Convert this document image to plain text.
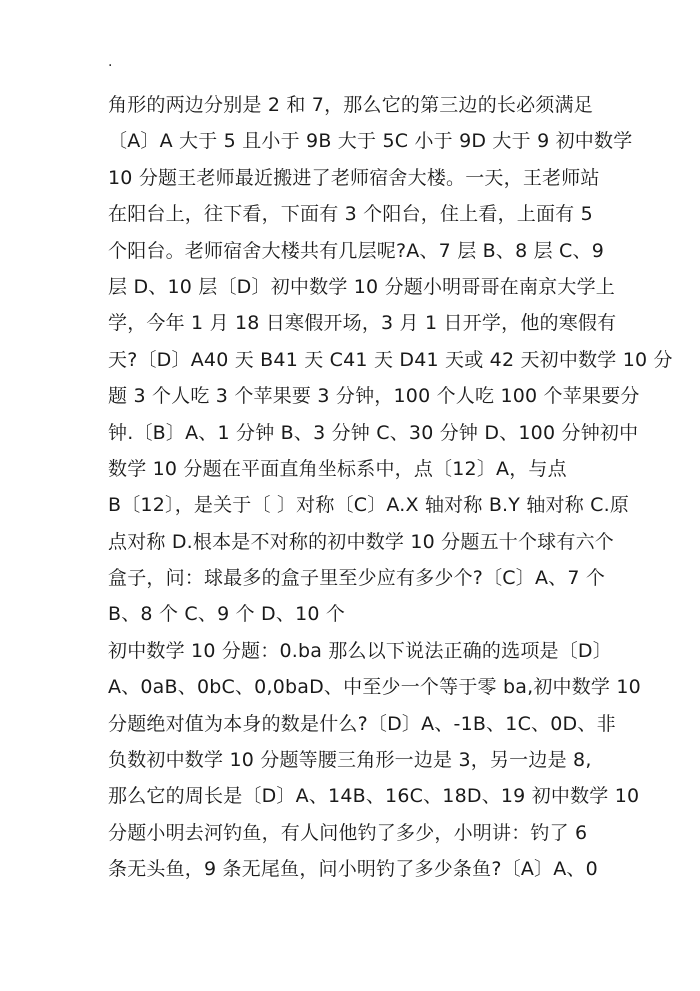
·
角形的两边分别是 2 和 7，那么它的第三边的长必须满足
〔A〕A 大于 5 且小于 9B 大于 5C 小于 9D 大于 9 初中数学
10 分题王老师最近搬进了老师宿舍大楼。一天，王老师站
在阳台上，往下看，下面有 3 个阳台，住上看，上面有 5
个阳台。老师宿舍大楼共有几层呢?A、7 层 B、8 层 C、9
层 D、10 层〔D〕初中数学 10 分题小明哥哥在南京大学上
学，今年 1 月 18 日寒假开场，3 月 1 日开学，他的寒假有
天?〔D〕A40 天 B41 天 C41 天 D41 天或 42 天初中数学 10 分
题 3 个人吃 3 个苹果要 3 分钟，100 个人吃 100 个苹果要分
钟.〔B〕A、1 分钟 B、3 分钟 C、30 分钟 D、100 分钟初中
数学 10 分题在平面直角坐标系中，点〔12〕A，与点
B〔12〕，是关于〔 〕对称〔C〕A.X 轴对称 B.Y 轴对称 C.原
点对称 D.根本是不对称的初中数学 10 分题五十个球有六个
盒子，问：球最多的盒子里至少应有多少个?〔C〕A、7 个
B、8 个 C、9 个 D、10 个
初中数学 10 分题：0.ba 那么以下说法正确的选项是〔D〕
A、0aB、0bC、0,0baD、中至少一个等于零 ba,初中数学 10
分题绝对值为本身的数是什么?〔D〕A、-1B、1C、0D、非
负数初中数学 10 分题等腰三角形一边是 3，另一边是 8,
那么它的周长是〔D〕A、14B、16C、18D、19 初中数学 10
分题小明去河钓鱼，有人问他钓了多少，小明讲：钓了 6
条无头鱼，9 条无尾鱼，问小明钓了多少条鱼?〔A〕A、0
